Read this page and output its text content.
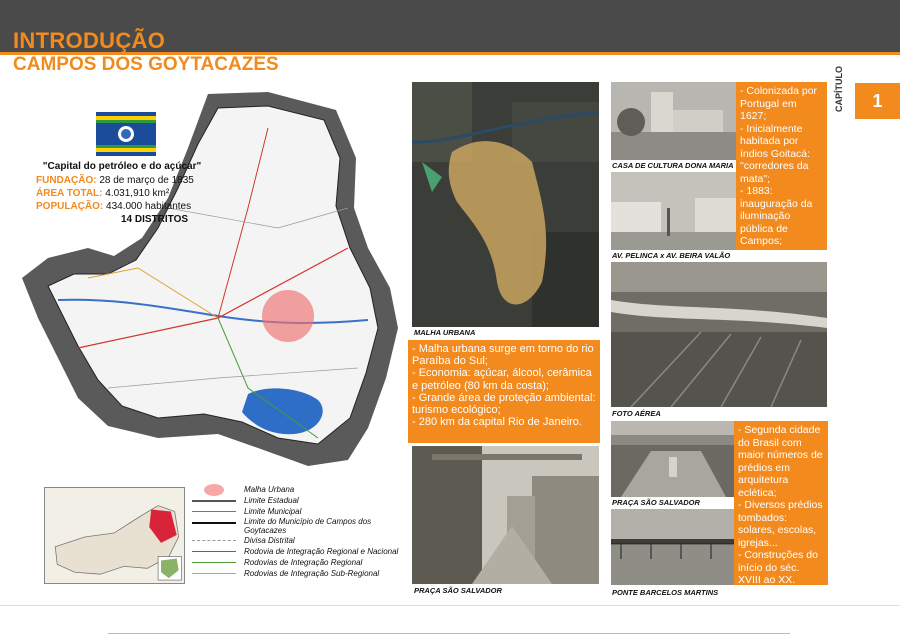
INTRODUÇÃO
CAMPOS DOS GOYTACAZES
CAPÍTULO	1
"Capital do petróleo e do açúcar"
FUNDAÇÃO: 28 de março de 1835
ÁREA TOTAL: 4.031,910 km²
POPULAÇÃO: 434.000 habitantes
14 DISTRITOS
Malha Urbana
Limite Estadual
Limite Municipal
Limite do Município de Campos dos Goytacazes
Divisa Distrital
Rodovia de Integração Regional e Nacional
Rodovias de Integração Regional
Rodovias de Integração Sub-Regional
MALHA URBANA

- Malha urbana surge em torno do rio Paraíba do Sul;

- Economia: açúcar, álcool, cerâmica e petróleo (80 km da costa);

- Grande área de proteção ambiental: turismo ecológico;

- 280 km da capital Rio de Janeiro.

PRAÇA SÃO SALVADOR
CASA DE CULTURA DONA MARIA
AV. PELINCA x AV. BEIRA VALÃO

- Colonizada por Portugal em 1627;

- Inicialmente habitada por índios Goitacá: "corredores da mata";

- 1883: inauguração da iluminação pública de Campos;

FOTO AÉREA
PRAÇA SÃO SALVADOR
PONTE BARCELOS MARTINS

- Segunda cidade do Brasil com maior números de prédios em arquitetura eclética;

- Diversos prédios tombados: solares, escolas, igrejas...

- Construções do início do séc. XVIII ao XX.
